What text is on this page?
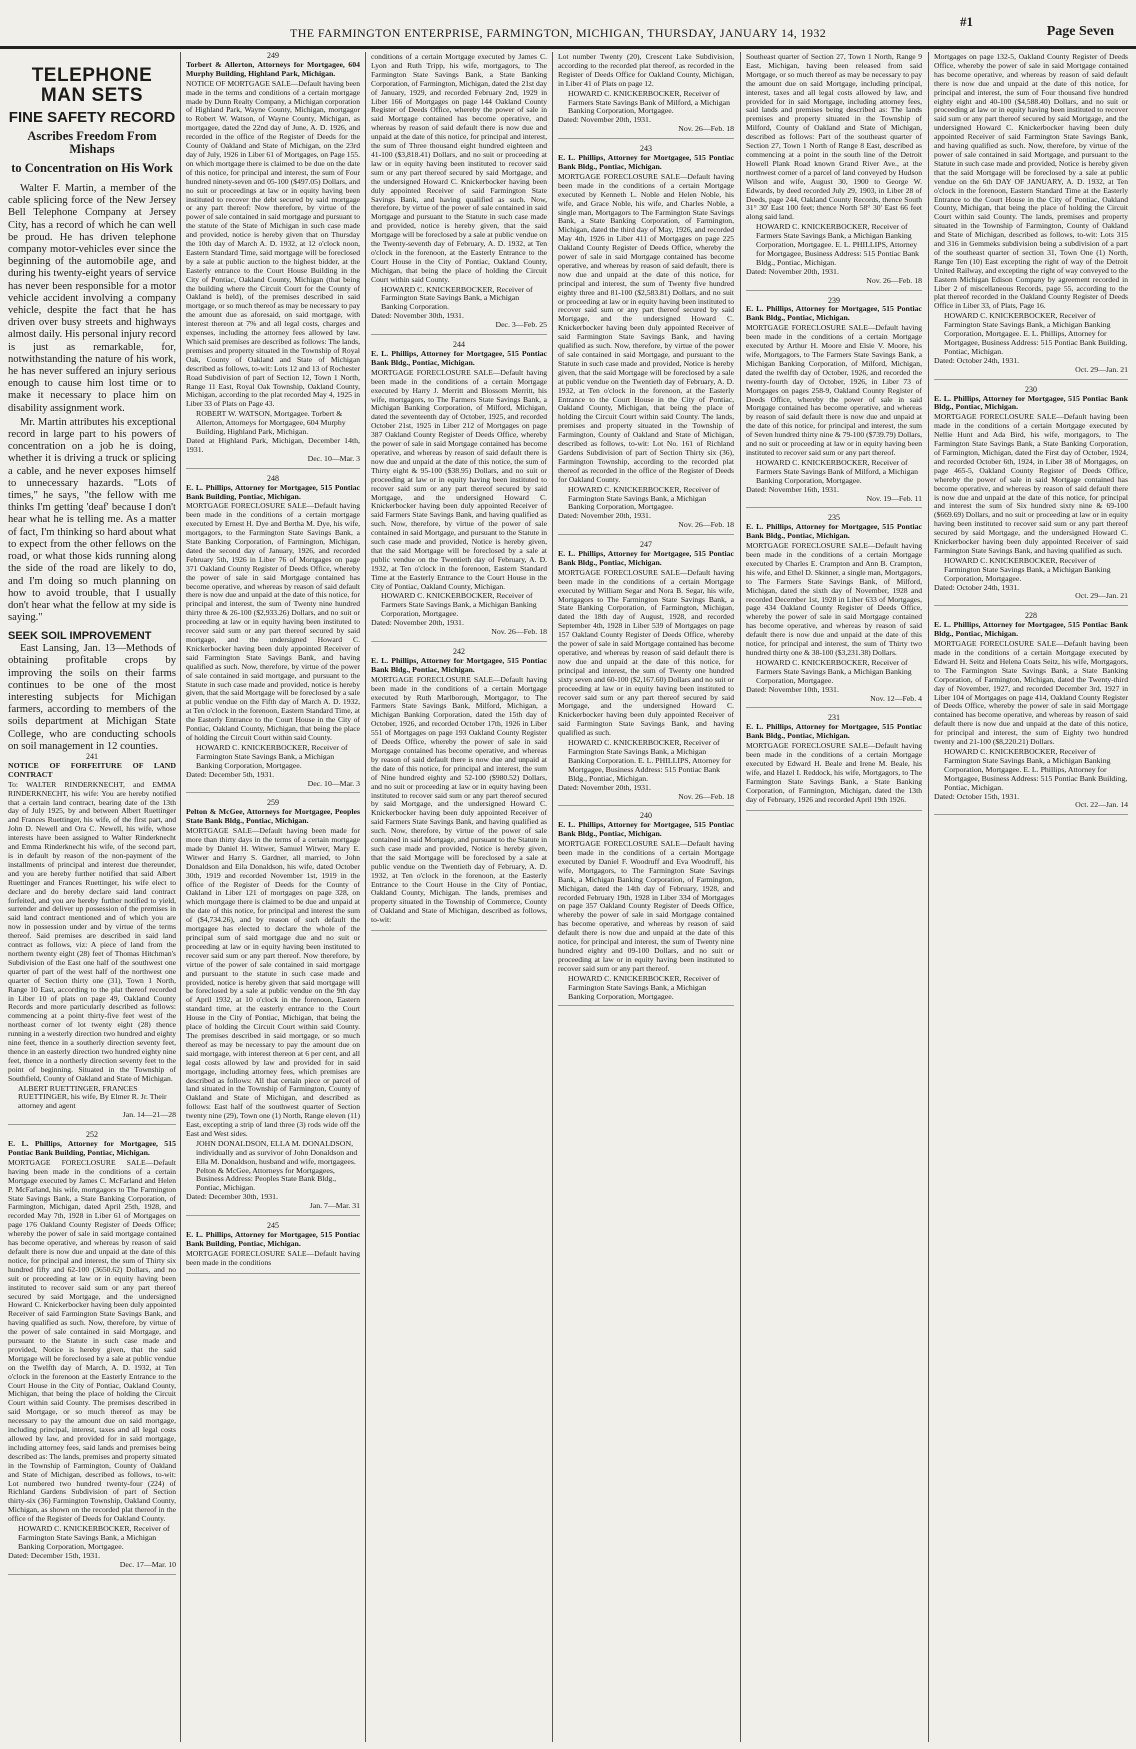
#1
THE FARMINGTON ENTERPRISE, FARMINGTON, MICHIGAN, THURSDAY, JANUARY 14, 1932	Page Seven
TELEPHONE MAN SETS
FINE SAFETY RECORD
Ascribes Freedom From Mishaps
to Concentration on His Work

Walter F. Martin, a member of the cable splicing force of the New Jersey Bell Telephone Company at Jersey City, has a record of which he can well be proud. He has driven telephone company motor-vehicles ever since the beginning of the automobile age, and during his twenty-eight years of service has never been responsible for a motor vehicle accident involving a company vehicle, despite the fact that he has driven over busy streets and highways almost daily. His personal injury record is just as remarkable, for, notwithstanding the nature of his work, he has never suffered an injury serious enough to cause him lost time or to make it necessary to place him on disability assignment work.

Mr. Martin attributes his exceptional record in large part to his powers of concentration on a job he is doing, whether it is driving a truck or splicing a cable, and he never exposes himself to unnecessary hazards. "Lots of times," he says, "the fellow with me thinks I'm getting 'deaf' because I don't hear what he is telling me. As a matter of fact, I'm thinking so hard about what to expect from the other fellows on the road, or what those kids running along the side of the road are likely to do, and I'm doing so much planning on how to avoid trouble, that I usually don't hear what the fellow at my side is saying."

SEEK SOIL IMPROVEMENT

East Lansing, Jan. 13—Methods of obtaining profitable crops by improving the soils on their farms continues to be one of the most interesting subjects for Michigan farmers, according to members of the soils department at Michigan State College, who are conducting schools on soil management in 12 counties.

241
NOTICE OF FORFEITURE OF LAND CONTRACT
To: WALTER RINDERKNECHT, and EMMA RINDERKNECHT, his wife: You are hereby notified that a certain land contract, bearing date of the 13th day of July 1925, by and between Albert Ruettinger and Frances Ruettinger, his wife, of the first part, and John D. Newell and Ora C. Newell, his wife, whose interests have been assigned to Walter Rinderknecht and Emma Rinderknecht his wife, of the second part, is in default by reason of the non-payment of the installments of principal and interest due thereunder, and you are hereby further notified that said Albert Ruettinger and Frances Ruettinger, his wife elect to declare and do hereby declare said land contract forfeited, and you are hereby further notified to yield, surrender and deliver up possession of the premises in said land contract mentioned and of which you are now in possession under and by virtue of the terms thereof. Said premises are described in said land contract as follows, viz: A piece of land from the northern twenty eight (28) feet of Thomas Hitchman's Subdivision of the East one half of the southwest one quarter of part of the west half of the northwest one quarter of Section thirty one (31), Town 1 North, Range 10 East, according to the plat thereof recorded in Liber 10 of plats on page 49, Oakland County Records and more particularly described as follows: commencing at a point thirty-five feet west of the northeast corner of lot twenty eight (28) thence running in a westerly direction two hundred and eighty nine feet, thence in a southerly direction seventy feet, thence in an easterly direction two hundred eighty nine feet, thence in a northerly direction seventy feet to the point of beginning. Situated in the Township of Southfield, County of Oakland and State of Michigan.
ALBERT RUETTINGER, FRANCES RUETTINGER, his wife, By Elmer R. Jr. Their attorney and agent
Jan. 14—21—28
252
E. L. Phillips, Attorney for Mortgagee, 515 Pontiac Bank Building, Pontiac, Michigan.
MORTGAGE FORECLOSURE SALE—Default having been made in the conditions of a certain Mortgage executed by James C. McFarland and Helen P. McFarland, his wife, mortgagors to The Farmington State Savings Bank, a State Banking Corporation, of Farmington, Michigan, dated April 25th, 1928, and recorded May 7th, 1928 in Liber 61 of Mortgages on page 176 Oakland County Register of Deeds Office; whereby the power of sale in said mortgage contained has become operative, and whereas by reason of said default there is now due and unpaid at the date of this notice, for principal and interest, the sum of Thirty six hundred fifty and 62-100 (3650.62) Dollars, and no suit or proceeding at law or in equity having been instituted to recover said sum or any part thereof secured by said Mortgage, and the undersigned Howard C. Knickerbocker having been duly appointed Receiver of said Farmington State Savings Bank, and having qualified as such. Now, therefore, by virtue of the power of sale contained in said Mortgage, and pursuant to the Statute in such case made and provided, Notice is hereby given, that the said Mortgage will be foreclosed by a sale at public vendue on the Twelfth day of March, A. D. 1932, at Ten o'clock in the forenoon at the Easterly Entrance to the Court House in the City of Pontiac, Oakland County, Michigan, that being the place of holding the Circuit Court within said County. The premises described in said Mortgage, or so much thereof as may be necessary to pay the amount due on said mortgage, including principal, interest, taxes and all legal costs allowed by law, and provided for in said mortgage, including attorney fees, said lands and premises being described as: The lands, premises and property situated in the Township of Farmington, County of Oakland and State of Michigan, described as follows, to-wit: Lot numbered two hundred twenty-four (224) of Richland Gardens Subdivision of part of Section thirty-six (36) Farmington Township, Oakland County, Michigan, as shown on the recorded plat thereof in the office of the Register of Deeds for Oakland County.
HOWARD C. KNICKERBOCKER, Receiver of Farmington State Savings Bank, a Michigan Banking Corporation, Mortgagee.
Dated: December 15th, 1931.
Dec. 17—Mar. 10
249
Torbert & Allerton, Attorneys for Mortgagee, 604 Murphy Building, Highland Park, Michigan.
NOTICE OF MORTGAGE SALE—Default having been made in the terms and conditions of a certain mortgage made by Dunn Realty Company, a Michigan corporation of Highland Park, Wayne County, Michigan, mortgagor to Robert W. Watson, of Wayne County, Michigan, as mortgagee, dated the 22nd day of June, A. D. 1926, and recorded in the office of the Register of Deeds for the County of Oakland and State of Michigan, on the 23rd day of July, 1926 in Liber 61 of Mortgages, on Page 155. on which mortgage there is claimed to be due on the date of this notice, for principal and interest, the sum of Four hundred ninety-seven and 05-100 ($497.05) Dollars, and no suit or proceedings at law or in equity having been instituted to recover the debt secured by said mortgage or any part thereof: Now therefore, by virtue of the power of sale contained in said mortgage and pursuant to the statute of the State of Michigan in such case made and provided, notice is hereby given that on Thursday the 10th day of March A. D. 1932, at 12 o'clock noon, Eastern Standard Time, said mortgage will be foreclosed by a sale at public auction to the highest bidder, at the Easterly entrance to the Court House Building in the City of Pontiac, Oakland County, Michigan (that being the building where the Circuit Court for the County of Oakland is held), of the premises described in said mortgage, or so much thereof as may be necessary to pay the amount due as aforesaid, on said mortgage, with interest thereon at 7% and all legal costs, charges and expenses, including the attorney fees allowed by law. Which said premises are described as follows: The lands, premises and property situated in the Township of Royal Oak, County of Oakland and State of Michigan described as follows, to-wit: Lots 12 and 13 of Rochester Road Subdivision of part of Section 12, Town 1 North, Range 11 East, Royal Oak Township, Oakland County, Michigan, according to the plat recorded May 4, 1925 in Liber 33 of Plats on Page 43.
ROBERT W. WATSON, Mortgagee. Torbert & Allerton, Attorneys for Mortgagee, 604 Murphy Building, Highland Park, Michigan.
Dated at Highland Park, Michigan, December 14th, 1931.
Dec. 10—Mar. 3
248
E. L. Phillips, Attorney for Mortgagee, 515 Pontiac Bank Building, Pontiac, Michigan.
MORTGAGE FORECLOSURE SALE—Default having been made in the conditions of a certain mortgage executed by Ernest H. Dye and Bertha M. Dye, his wife, mortgagors, to the Farmington State Savings Bank, a State Banking Corporation, of Farmington, Michigan, dated the second day of January, 1926, and recorded February 5th, 1926 in Liber 76 of Mortgages on page 371 Oakland County Register of Deeds Office, whereby the power of sale in said Mortgage contained has become operative, and whereas by reason of said default there is now due and unpaid at the date of this notice, for principal and interest, the sum of Twenty nine hundred thirty three & 26-100 ($2,933.26) Dollars, and no suit or proceeding at law or in equity having been instituted to recover said sum or any part thereof secured by said mortgage, and the undersigned Howard C. Knickerbocker having been duly appointed Receiver of said Farmington State Savings Bank, and having qualified as such. Now, therefore, by virtue of the power of sale contained in said mortgage, and pursuant to the Statute in such case made and provided, notice is hereby given, that the said Mortgage will be foreclosed by a sale at public vendue on the Fifth day of March A. D. 1932, at Ten o'clock in the forenoon, Eastern Standard Time, at the Easterly Entrance to the Court House in the City of Pontiac, Oakland County, Michigan, that being the place of holding the Circuit Court within said County.
HOWARD C. KNICKERBOCKER, Receiver of Farmington State Savings Bank, a Michigan Banking Corporation, Mortgagee.
Dated: December 5th, 1931.
Dec. 10—Mar. 3
259
Pelton & McGee, Attorneys for Mortgagee, Peoples State Bank Bldg., Pontiac, Michigan.
MORTGAGE SALE—Default having been made for more than thirty days in the terms of a certain mortgage made by Daniel H. Witwer, Samuel Witwer, Mary E. Witwer and Harry S. Gardner, all married, to John Donaldson and Eila Donaldson, his wife, dated October 30th, 1919 and recorded November 1st, 1919 in the office of the Register of Deeds for the County of Oakland in Liber 121 of mortgages on page 328, on which mortgage there is claimed to be due and unpaid at the date of this notice, for principal and interest the sum of ($4,734.26), and by reason of such default the mortgagee has elected to declare the whole of the principal sum of said mortgage due and no suit or proceeding at law or in equity having been instituted to recover said sum or any part thereof. Now therefore, by virtue of the power of sale contained in said mortgage and pursuant to the statute in such case made and provided, notice is hereby given that said mortgage will be foreclosed by a sale at public vendue on the 9th day of April 1932, at 10 o'clock in the forenoon, Eastern standard time, at the easterly entrance to the Court House in the City of Pontiac, Michigan, that being the place of holding the Circuit Court within said County. The premises described in said mortgage, or so much thereof as may be necessary to pay the amount due on said mortgage, with interest thereon at 6 per cent, and all legal costs allowed by law and provided for in said mortgage, including attorney fees, which premises are described as follows: All that certain piece or parcel of land situated in the Township of Farmington, County of Oakland and State of Michigan, and described as follows: East half of the southwest quarter of Section twenty nine (29), Town one (1) North, Range eleven (11) East, excepting a strip of land three (3) rods wide off the East and West sides.
JOHN DONALDSON, ELLA M. DONALDSON, individually and as survivor of John Donaldson and Ella M. Donaldson, husband and wife, mortgagees. Pelton & McGee, Attorneys for Mortgagees, Business Address: Peoples State Bank Bldg., Pontiac, Michigan.
Dated: December 30th, 1931.
Jan. 7—Mar. 31
245
E. L. Phillips, Attorney for Mortgagee, 515 Pontiac Bank Building, Pontiac, Michigan.
MORTGAGE FORECLOSURE SALE—Default having been made in the conditions
conditions of a certain Mortgage executed by James C. Lyon and Ruth Tripp, his wife, mortgagors, to The Farmington State Savings Bank, a State Banking Corporation, of Farmington, Michigan, dated the 21st day of January, 1929, and recorded February 2nd, 1929 in Liber 166 of Mortgages on page 144 Oakland County Register of Deeds Office, whereby the power of sale in said Mortgage contained has become operative, and whereas by reason of said default there is now due and unpaid at the date of this notice, for principal and interest, the sum of Three thousand eight hundred eighteen and 41-100 ($3,818.41) Dollars, and no suit or proceeding at law or in equity having been instituted to recover said sum or any part thereof secured by said Mortgage, and the undersigned Howard C. Knickerbocker having been duly appointed Receiver of said Farmington State Savings Bank, and having qualified as such. Now, therefore, by virtue of the power of sale contained in said Mortgage and pursuant to the Statute in such case made and provided, notice is hereby given, that the said Mortgage will be foreclosed by a sale at public vendue on the Twenty-seventh day of February, A. D. 1932, at Ten o'clock in the forenoon, at the Easterly Entrance to the Court House in the City of Pontiac, Oakland County, Michigan, that being the place of holding the Circuit Court within said County.
HOWARD C. KNICKERBOCKER, Receiver of Farmington State Savings Bank, a Michigan Banking Corporation.
Dated: November 30th, 1931.
Dec. 3—Feb. 25
244
E. L. Phillips, Attorney for Mortgagee, 515 Pontiac Bank Bldg., Pontiac, Michigan.
MORTGAGE FORECLOSURE SALE—Default having been made in the conditions of a certain Mortgage executed by Harry J. Merritt and Blossom Merritt, his wife, mortgagors, to The Farmers State Savings Bank, a Michigan Banking Corporation, of Milford, Michigan, dated the seventeenth day of October, 1925, and recorded October 21st, 1925 in Liber 212 of Mortgages on page 387 Oakland County Register of Deeds Office, whereby the power of sale in said Mortgage contained has become operative, and whereas by reason of said default there is now due and unpaid at the date of this notice, the sum of Thirty eight & 95-100 ($38.95) Dollars, and no suit or proceeding at law or in equity having been instituted to recover said sum or any part thereof secured by said Mortgage, and the undersigned Howard C. Knickerbocker having been duly appointed Receiver of said Farmers State Savings Bank, and having qualified as such. Now, therefore, by virtue of the power of sale contained in said Mortgage, and pursuant to the Statute in such case made and provided, Notice is hereby given, that the said Mortgage will be foreclosed by a sale at public vendue on the Twentieth day of February, A. D. 1932, at Ten o'clock in the forenoon, Eastern Standard Time at the Easterly Entrance to the Court House in the City of Pontiac, Oakland County, Michigan.
HOWARD C. KNICKERBOCKER, Receiver of Farmers State Savings Bank, a Michigan Banking Corporation, Mortgagee.
Dated: November 20th, 1931.
Nov. 26—Feb. 18
242
E. L. Phillips, Attorney for Mortgagee, 515 Pontiac Bank Bldg., Pontiac, Michigan.
MORTGAGE FORECLOSURE SALE—Default having been made in the conditions of a certain Mortgage executed by Ruth Marlborough, Mortgagor, to The Farmers State Savings Bank, Milford, Michigan, a Michigan Banking Corporation, dated the 15th day of October, 1926, and recorded October 17th, 1926 in Liber 551 of Mortgages on page 193 Oakland County Register of Deeds Office, whereby the power of sale in said Mortgage contained has become operative, and whereas by reason of said default there is now due and unpaid at the date of this notice, for principal and interest, the sum of Nine hundred eighty and 52-100 ($980.52) Dollars, and no suit or proceeding at law or in equity having been instituted to recover said sum or any part thereof secured by said Mortgage, and the undersigned Howard C. Knickerbocker having been duly appointed Receiver of said Farmers State Savings Bank, and having qualified as such. Now, therefore, by virtue of the power of sale contained in said Mortgage, and pursuant to the Statute in such case made and provided, Notice is hereby given, that the said Mortgage will be foreclosed by a sale at public vendue on the Twentieth day of February, A. D. 1932, at Ten o'clock in the forenoon, at the Easterly Entrance to the Court House in the City of Pontiac, Oakland County, Michigan. The lands, premises and property situated in the Township of Commerce, County of Oakland and State of Michigan, described as follows, to-wit:
Lot number Twenty (20), Crescent Lake Subdivision, according to the recorded plat thereof, as recorded in the Register of Deeds Office for Oakland County, Michigan, in Liber 41 of Plats on page 12.
HOWARD C. KNICKERBOCKER, Receiver of Farmers State Savings Bank of Milford, a Michigan Banking Corporation, Mortgagee.
Dated: November 20th, 1931.
Nov. 26—Feb. 18
243
E. L. Phillips, Attorney for Mortgagee, 515 Pontiac Bank Bldg., Pontiac, Michigan.
MORTGAGE FORECLOSURE SALE—Default having been made in the conditions of a certain Mortgage executed by Kenneth L. Noble and Helen Noble, his wife, and Grace Noble, his wife, and Charles Noble, a single man, Mortgagors to The Farmington State Savings Bank, a State Banking Corporation, of Farmington, Michigan, dated the third day of May, 1926, and recorded May 4th, 1926 in Liber 411 of Mortgages on page 225 Oakland County Register of Deeds Office, whereby the power of sale in said Mortgage contained has become operative, and whereas by reason of said default, there is now due and unpaid at the date of this notice, for principal and interest, the sum of Twenty five hundred eighty three and 81-100 ($2,583.81) Dollars, and no suit or proceeding at law or in equity having been instituted to recover said sum or any part thereof secured by said Mortgage, and the undersigned Howard C. Knickerbocker having been duly appointed Receiver of said Farmington State Savings Bank, and having qualified as such. Now, therefore, by virtue of the power of sale contained in said Mortgage, and pursuant to the Statute in such case made and provided, Notice is hereby given, that the said Mortgage will be foreclosed by a sale at public vendue on the Twentieth day of February, A. D. 1932, at Ten o'clock in the forenoon, at the Easterly Entrance to the Court House in the City of Pontiac, Oakland County, Michigan, that being the place of holding the Circuit Court within said County. The lands, premises and property situated in the Township of Farmington, County of Oakland and State of Michigan, described as follows, to-wit: Lot No. 161 of Richland Gardens Subdivision of part of Section Thirty six (36), Farmington Township, according to the recorded plat thereof as recorded in the office of the Register of Deeds for Oakland County.
HOWARD C. KNICKERBOCKER, Receiver of Farmington State Savings Bank, a Michigan Banking Corporation, Mortgagee.
Dated: November 20th, 1931.
Nov. 26—Feb. 18
247
E. L. Phillips, Attorney for Mortgagee, 515 Pontiac Bank Bldg., Pontiac, Michigan.
MORTGAGE FORECLOSURE SALE—Default having been made in the conditions of a certain Mortgage executed by William Segar and Nora B. Segar, his wife, Mortgagors to The Farmington State Savings Bank, a State Banking Corporation, of Farmington, Michigan, dated the 18th day of August, 1928, and recorded September 4th, 1928 in Liber 539 of Mortgages on page 157 Oakland County Register of Deeds Office, whereby the power of sale in said Mortgage contained has become operative, and whereas by reason of said default there is now due and unpaid at the date of this notice, for principal and interest, the sum of Twenty one hundred sixty seven and 60-100 ($2,167.60) Dollars and no suit or proceeding at law or in equity having been instituted to recover said sum or any part thereof secured by said Mortgage, and the undersigned Howard C. Knickerbocker having been duly appointed Receiver of said Farmington State Savings Bank, and having qualified as such.
HOWARD C. KNICKERBOCKER, Receiver of Farmington State Savings Bank, a Michigan Banking Corporation. E. L. PHILLIPS, Attorney for Mortgagee, Business Address: 515 Pontiac Bank Bldg., Pontiac, Michigan.
Dated: November 20th, 1931.
Nov. 26—Feb. 18
240
E. L. Phillips, Attorney for Mortgagee, 515 Pontiac Bank Bldg., Pontiac, Michigan.
MORTGAGE FORECLOSURE SALE—Default having been made in the conditions of a certain Mortgage executed by Daniel F. Woodruff and Eva Woodruff, his wife, Mortgagors, to The Farmington State Savings Bank, a Michigan Banking Corporation, of Farmington, Michigan, dated the 14th day of February, 1928, and recorded February 19th, 1928 in Liber 334 of Mortgages on page 357 Oakland County Register of Deeds Office, whereby the power of sale in said Mortgage contained has become operative, and whereas by reason of said default there is now due and unpaid at the date of this notice, for principal and interest, the sum of Twenty nine hundred eighty and 09-100 Dollars, and no suit or proceeding at law or in equity having been instituted to recover said sum or any part thereof.
HOWARD C. KNICKERBOCKER, Receiver of Farmington State Savings Bank, a Michigan Banking Corporation, Mortgagee.
Southeast quarter of Section 27, Town 1 North, Range 9 East, Michigan, having been released from said Mortgage, or so much thereof as may be necessary to pay the amount due on said Mortgage, including principal, interest, taxes and all legal costs allowed by law, and provided for in said Mortgage, including attorney fees, said lands and premises being described as: The lands premises and property situated in the Township of Milford, County of Oakland and State of Michigan, described as follows: Part of the southeast quarter of Section 27, Town 1 North of Range 8 East, described as commencing at a point in the south line of the Detroit Howell Plank Road known Grand River Ave., at the northwest corner of a parcel of land conveyed by Hudson Wilson and wife, August 30, 1900 to George W. Edwards, by deed recorded July 29, 1903, in Liber 28 of Deeds, page 244, Oakland County Records, thence South 31° 30' East 100 feet; thence North 58° 30' East 66 feet along said land.
HOWARD C. KNICKERBOCKER, Receiver of Farmers State Savings Bank, a Michigan Banking Corporation, Mortgagee. E. L. PHILLIPS, Attorney for Mortgagee, Business Address: 515 Pontiac Bank Bldg., Pontiac, Michigan.
Dated: November 20th, 1931.
Nov. 26—Feb. 18
239
E. L. Phillips, Attorney for Mortgagee, 515 Pontiac Bank Bldg., Pontiac, Michigan.
MORTGAGE FORECLOSURE SALE—Default having been made in the conditions of a certain Mortgage executed by Arthur H. Moore and Elsie V. Moore, his wife, Mortgagors, to The Farmers State Savings Bank, a Michigan Banking Corporation, of Milford, Michigan, dated the twelfth day of October, 1926, and recorded the twenty-fourth day of October, 1926, in Liber 73 of Mortgages on pages 258-9, Oakland County Register of Deeds Office, whereby the power of sale in said Mortgage contained has become operative, and whereas by reason of said default there is now due and unpaid at the date of this notice, for principal and interest, the sum of Seven hundred thirty nine & 79-100 ($739.79) Dollars, and no suit or proceeding at law or in equity having been instituted to recover said sum or any part thereof.
HOWARD C. KNICKERBOCKER, Receiver of Farmers State Savings Bank of Milford, a Michigan Banking Corporation, Mortgagee.
Dated: November 16th, 1931.
Nov. 19—Feb. 11
235
E. L. Phillips, Attorney for Mortgagee, 515 Pontiac Bank Bldg., Pontiac, Michigan.
MORTGAGE FORECLOSURE SALE—Default having been made in the conditions of a certain Mortgage executed by Charles E. Crampton and Ann B. Crampton, his wife, and Ethel D. Skinner, a single man, Mortgagors, to The Farmers State Savings Bank, of Milford, Michigan, dated the sixth day of November, 1928 and recorded December 1st, 1928 in Liber 633 of Mortgages, page 434 Oakland County Register of Deeds Office, whereby the power of sale in said Mortgage contained has become operative, and whereas by reason of said default there is now due and unpaid at the date of this notice, for principal and interest, the sum of Thirty two hundred thirty one & 38-100 ($3,231.38) Dollars.
HOWARD C. KNICKERBOCKER, Receiver of Farmers State Savings Bank, a Michigan Banking Corporation, Mortgagee.
Dated: November 10th, 1931.
Nov. 12—Feb. 4
231
E. L. Phillips, Attorney for Mortgagee, 515 Pontiac Bank Bldg., Pontiac, Michigan.
MORTGAGE FORECLOSURE SALE—Default having been made in the conditions of a certain Mortgage executed by Edward H. Beale and Irene M. Beale, his wife, and Hazel I. Reddock, his wife, Mortgagors, to The Farmington State Savings Bank, a State Banking Corporation, of Farmington, Michigan, dated the 13th day of February, 1926 and recorded April 19th 1926.
Mortgages on page 132-5, Oakland County Register of Deeds Office, whereby the power of sale in said Mortgage contained has become operative, and whereas by reason of said default there is now due and unpaid at the date of this notice, for principal and interest, the sum of Four thousand five hundred eighty eight and 40-100 ($4,588.40) Dollars, and no suit or proceeding at law or in equity having been instituted to recover said sum or any part thereof secured by said Mortgage, and the undersigned Howard C. Knickerbocker having been duly appointed Receiver of said Farmington State Savings Bank, and having qualified as such. Now, therefore, by virtue of the power of sale contained in said Mortgage, and pursuant to the Statute in such case made and provided, Notice is hereby given that the said Mortgage will be foreclosed by a sale at public vendue on the 6th DAY OF JANUARY, A. D. 1932, at Ten o'clock in the forenoon, Eastern Standard Time at the Easterly Entrance to the Court House in the City of Pontiac, Oakland County, Michigan, that being the place of holding the Circuit Court within said County. The lands, premises and property situated in the Township of Farmington, County of Oakland and State of Michigan, described as follows, to-wit: Lots 315 and 316 in Gemmeks subdivision being a subdivision of a part of the southeast quarter of section 31, Town One (1) North, Range Ten (10) East excepting the right of way of the Detroit United Railway, and excepting the right of way conveyed to the Eastern Michigan Edison Company by agreement recorded in Liber 2 of miscellaneous Records, page 55, according to the plat thereof recorded in the Oakland County Register of Deeds Office in Liber 33, of Plats, Page 16.
HOWARD C. KNICKERBOCKER, Receiver of Farmington State Savings Bank, a Michigan Banking Corporation, Mortgagee. E. L. Phillips, Attorney for Mortgagee, Business Address: 515 Pontiac Bank Building, Pontiac, Michigan.
Dated: October 24th, 1931.
Oct. 29—Jan. 21
230
E. L. Phillips, Attorney for Mortgagee, 515 Pontiac Bank Bldg., Pontiac, Michigan.
MORTGAGE FORECLOSURE SALE—Default having been made in the conditions of a certain Mortgage executed by Nellie Hunt and Ada Bird, his wife, mortgagors, to The Farmington State Savings Bank, a State Banking Corporation, of Farmington, Michigan, dated the First day of October, 1924, and recorded October 6th, 1924, in Liber 38 of Mortgages, on page 465-5, Oakland County Register of Deeds Office, whereby the power of sale in said Mortgage contained has become operative, and whereas by reason of said default there is now due and unpaid at the date of this notice, for principal and interest the sum of Six hundred sixty nine & 69-100 ($669.69) Dollars, and no suit or proceeding at law or in equity having been instituted to recover said sum or any part thereof secured by said Mortgage, and the undersigned Howard C. Knickerbocker having been duly appointed Receiver of said Farmington State Savings Bank, and having qualified as such.
HOWARD C. KNICKERBOCKER, Receiver of Farmington State Savings Bank, a Michigan Banking Corporation, Mortgagee.
Dated: October 24th, 1931.
Oct. 29—Jan. 21
228
E. L. Phillips, Attorney for Mortgagee, 515 Pontiac Bank Bldg., Pontiac, Michigan.
MORTGAGE FORECLOSURE SALE—Default having been made in the conditions of a certain Mortgage executed by Edward H. Seitz and Helena Coats Seitz, his wife, Mortgagors, to The Farmington State Savings Bank, a State Banking Corporation, of Farmington, Michigan, dated the Twenty-third day of November, 1927, and recorded December 3rd, 1927 in Liber 104 of Mortgages on page 414, Oakland County Register of Deeds Office, whereby the power of sale in said Mortgage contained has become operative, and whereas by reason of said default there is now due and unpaid at the date of this notice, for principal and interest, the sum of Eighty two hundred twenty and 21-100 ($8,220.21) Dollars.
HOWARD C. KNICKERBOCKER, Receiver of Farmington State Savings Bank, a Michigan Banking Corporation, Mortgagee. E. L. Phillips, Attorney for Mortgagee, Business Address: 515 Pontiac Bank Building, Pontiac, Michigan.
Dated: October 15th, 1931.
Oct. 22—Jan. 14
